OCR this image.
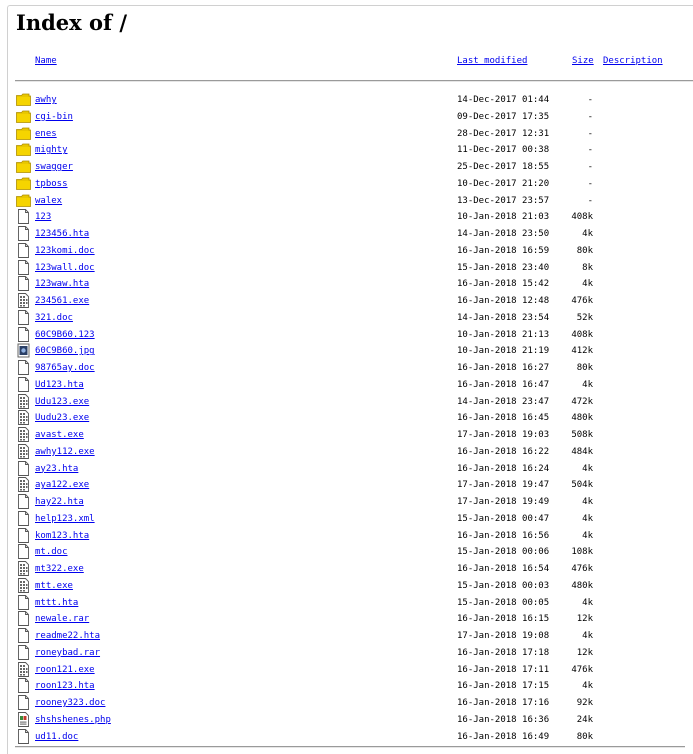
Index of /
Name	Last modified	Size Description
awhy	14-Dec-2017 01:44	-
cgi-bin	09-Dec-2017 17:35	-
enes	28-Dec-2017 12:31	-
mighty	11-Dec-2017 00:38	-
swagger	25-Dec-2017 18:55	-
tpboss	10-Dec-2017 21:20	-
walex	13-Dec-2017 23:57	-
123	10-Jan-2018 21:03 408k
123456.hta	14-Jan-2018 23:50	4k
123komi.doc	16-Jan-2018 16:59	80k
123wall.doc	15-Jan-2018 23:40	8k
123waw.hta	16-Jan-2018 15:42	4k
234561.exe	16-Jan-2018 12:48 476k
321.doc	14-Jan-2018 23:54	52k
60C9B60.123	10-Jan-2018 21:13 408k
60C9B60.jpg	10-Jan-2018 21:19 412k
98765ay.doc	16-Jan-2018 16:27	80k
Ud123.hta	16-Jan-2018 16:47	4k
Udu123.exe	14-Jan-2018 23:47 472k
Uudu23.exe	16-Jan-2018 16:45 480k
avast.exe	17-Jan-2018 19:03 508k
awhy112.exe	16-Jan-2018 16:22 484k
ay23.hta	16-Jan-2018 16:24	4k
aya122.exe	17-Jan-2018 19:47 504k
hay22.hta	17-Jan-2018 19:49	4k
help123.xml	15-Jan-2018 00:47	4k
kom123.hta	16-Jan-2018 16:56	4k
mt.doc	15-Jan-2018 00:06 108k
mt322.exe	16-Jan-2018 16:54 476k
mtt.exe	15-Jan-2018 00:03 480k
mttt.hta	15-Jan-2018 00:05	4k
newale.rar	16-Jan-2018 16:15	12k
readme22.hta	17-Jan-2018 19:08	4k
roneybad.rar	16-Jan-2018 17:18	12k
roon121.exe	16-Jan-2018 17:11 476k
roon123.hta	16-Jan-2018 17:15	4k
rooney323.doc	16-Jan-2018 17:16	92k
shshshenes.php	16-Jan-2018 16:36	24k
ud11.doc	16-Jan-2018 16:49	80k
